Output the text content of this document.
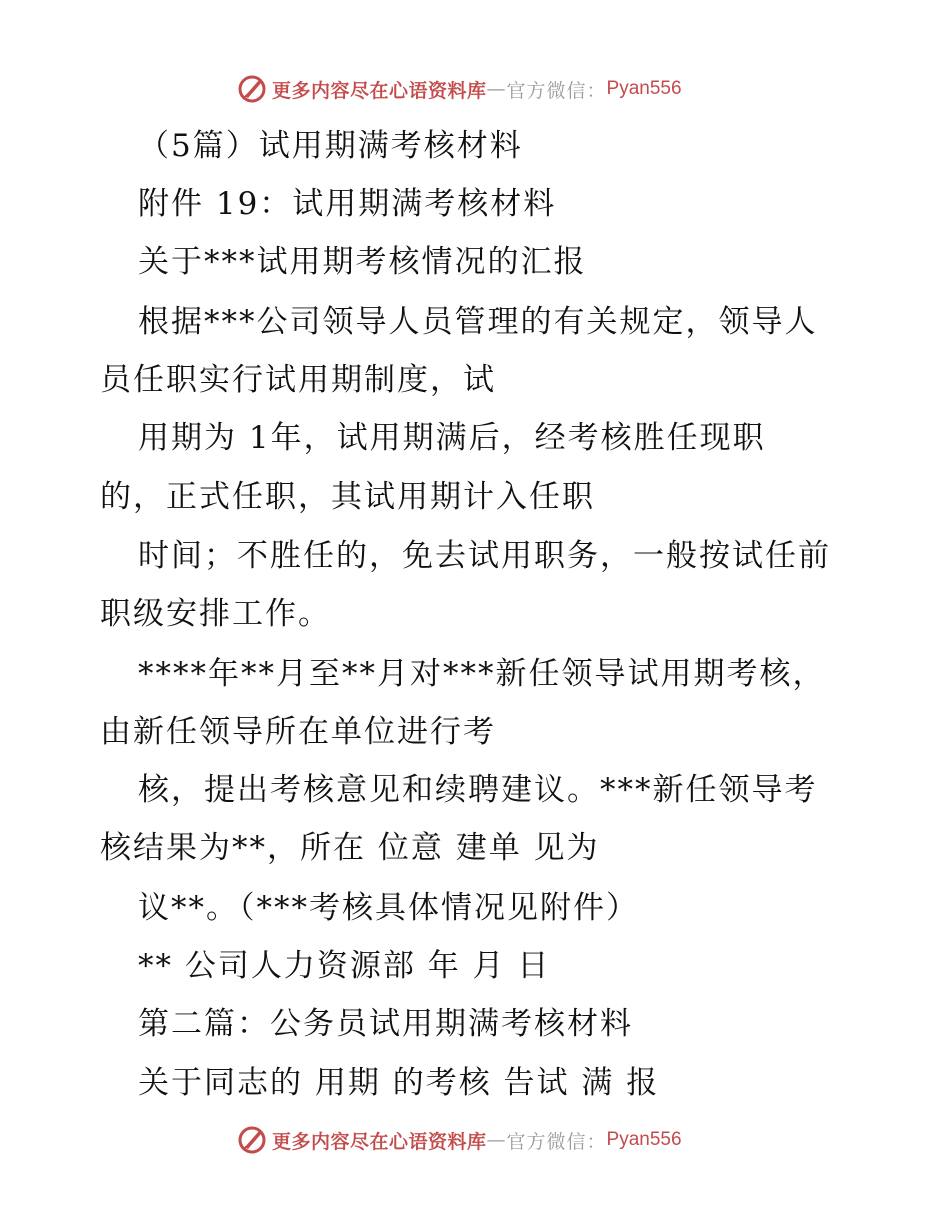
更多内容尽在心语资料库 — 官方微信： Pyan556
（5篇）试用期满考核材料
附件 19：试用期满考核材料
关于***试用期考核情况的汇报
根据***公司领导人员管理的有关规定，领导人
员任职实行试用期制度，试
用期为 1年，试用期满后，经考核胜任现职
的，正式任职，其试用期计入任职
时间；不胜任的，免去试用职务，一般按试任前
职级安排工作。
****年**月至**月对***新任领导试用期考核，
由新任领导所在单位进行考
核，提出考核意见和续聘建议。***新任领导考
核结果为**，所在 位意 建单 见为
议**。（***考核具体情况见附件）
** 公司人力资源部 年 月 日
第二篇：公务员试用期满考核材料
关于同志的 用期 的考核 告试 满 报
更多内容尽在心语资料库 — 官方微信： Pyan556
